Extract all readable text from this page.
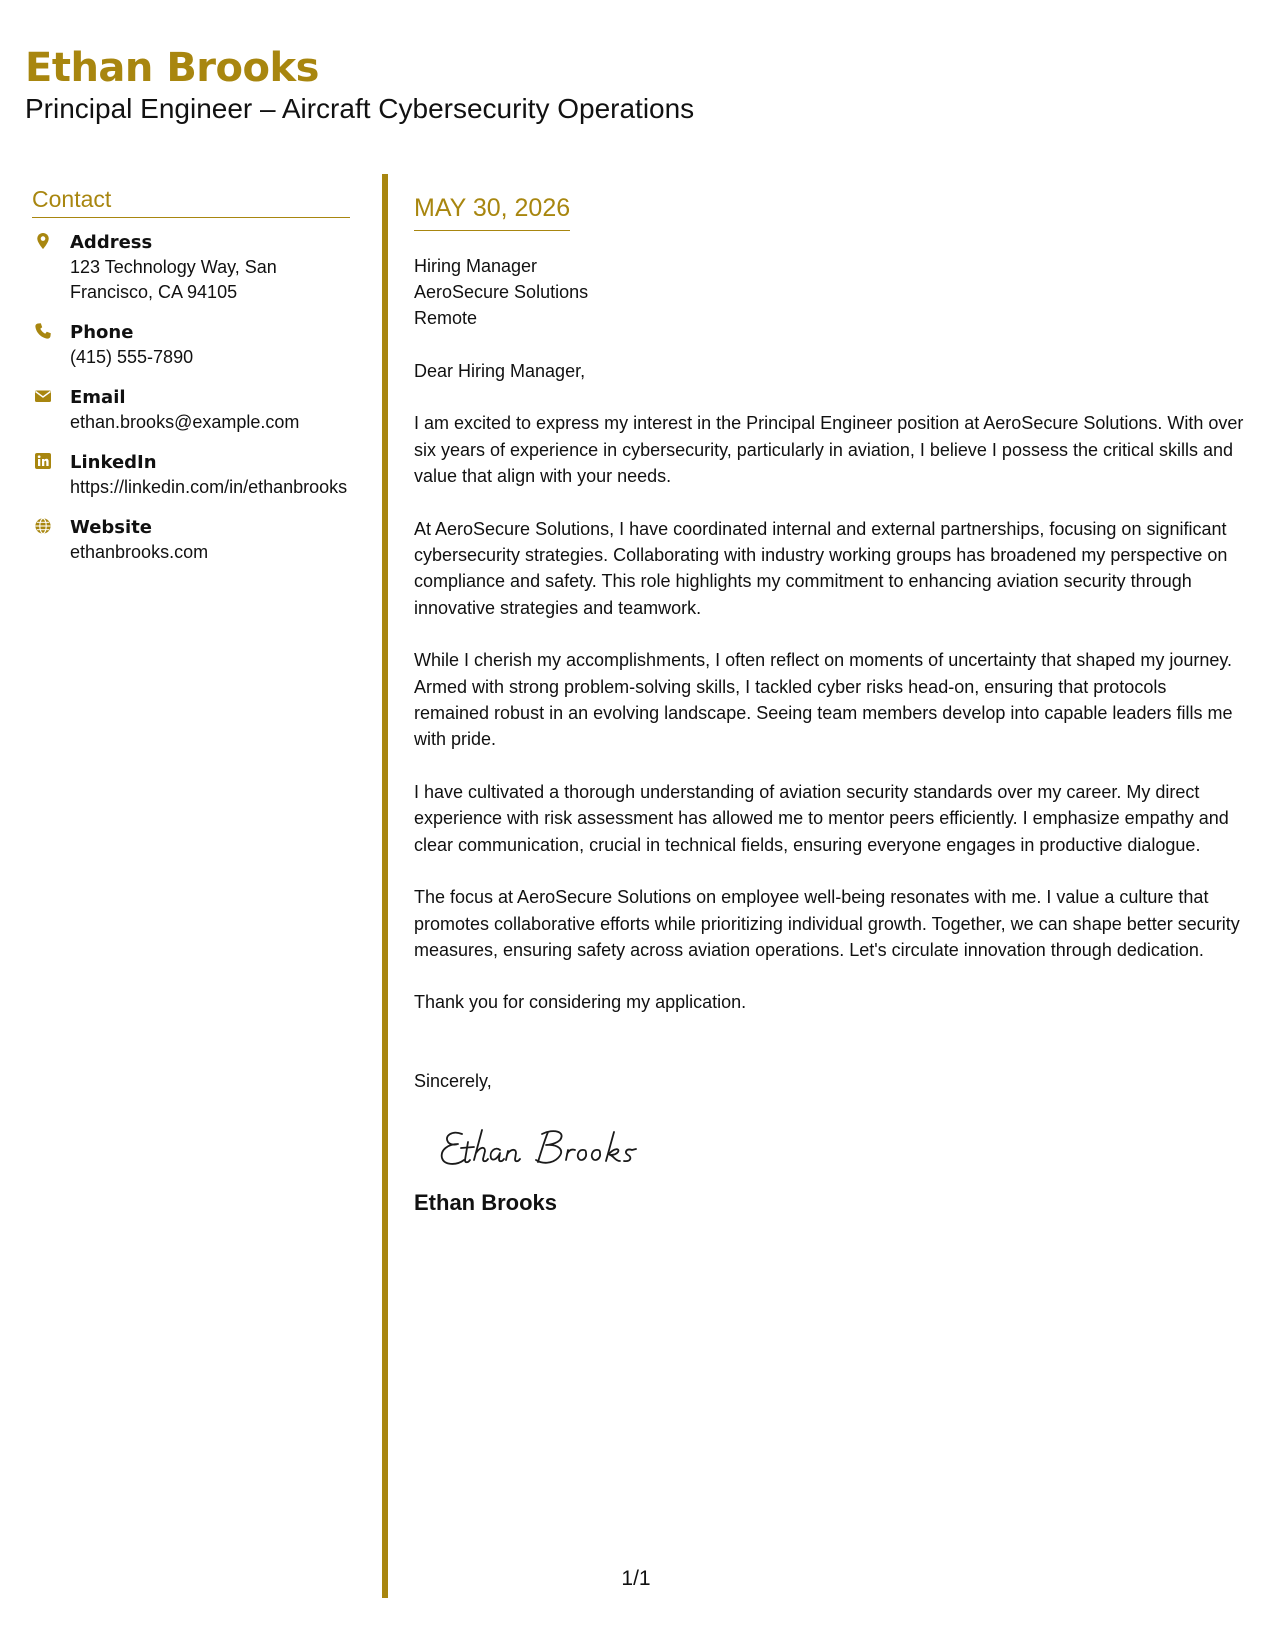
Ethan Brooks
Principal Engineer – Aircraft Cybersecurity Operations
Contact
Address
123 Technology Way, San Francisco, CA 94105
Phone
(415) 555-7890
Email
ethan.brooks@example.com
LinkedIn
https://linkedin.com/in/ethanbrooks
Website
ethanbrooks.com
MAY 30, 2026
Hiring Manager
AeroSecure Solutions
Remote
Dear Hiring Manager,

I am excited to express my interest in the Principal Engineer position at AeroSecure Solutions. With over six years of experience in cybersecurity, particularly in aviation, I believe I possess the critical skills and value that align with your needs.

At AeroSecure Solutions, I have coordinated internal and external partnerships, focusing on significant cybersecurity strategies. Collaborating with industry working groups has broadened my perspective on compliance and safety. This role highlights my commitment to enhancing aviation security through innovative strategies and teamwork.

While I cherish my accomplishments, I often reflect on moments of uncertainty that shaped my journey. Armed with strong problem-solving skills, I tackled cyber risks head-on, ensuring that protocols remained robust in an evolving landscape. Seeing team members develop into capable leaders fills me with pride.

I have cultivated a thorough understanding of aviation security standards over my career. My direct experience with risk assessment has allowed me to mentor peers efficiently. I emphasize empathy and clear communication, crucial in technical fields, ensuring everyone engages in productive dialogue.

The focus at AeroSecure Solutions on employee well-being resonates with me. I value a culture that promotes collaborative efforts while prioritizing individual growth. Together, we can shape better security measures, ensuring safety across aviation operations. Let's circulate innovation through dedication.

Thank you for considering my application.

Sincerely,
Ethan Brooks
1/1
